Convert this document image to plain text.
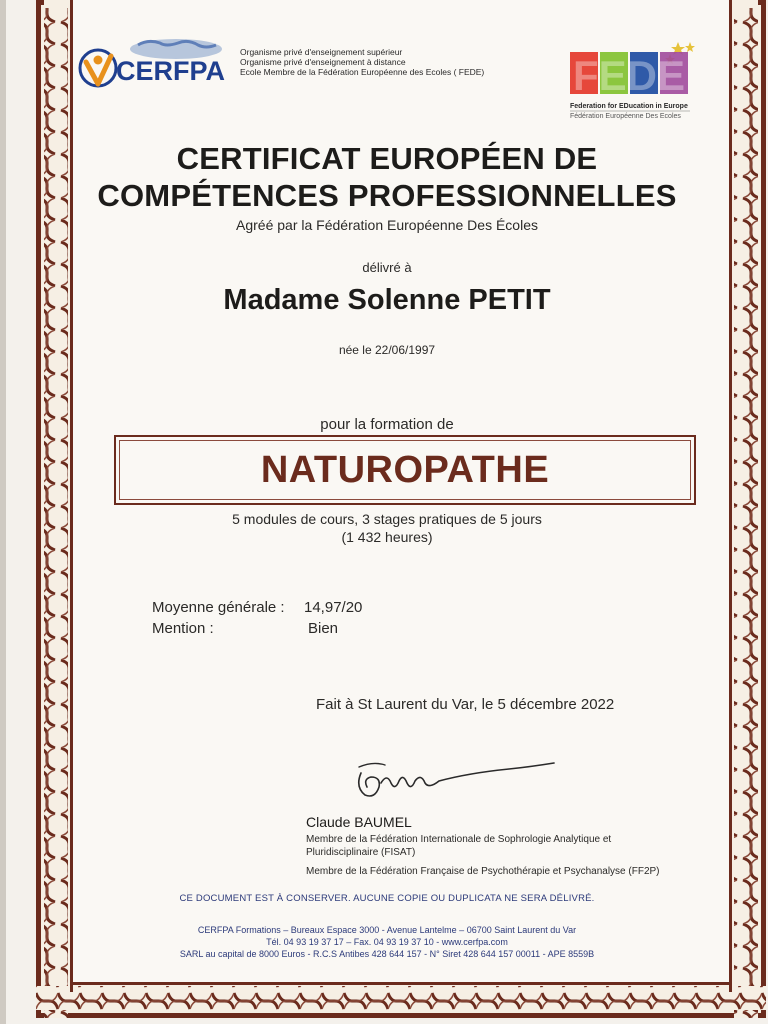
CERFPA
Organisme privé d'enseignement supérieur
Organisme privé d'enseignement à distance
Ecole Membre de la Fédération Européenne des Ecoles ( FEDE) FEDE
Federation for EDucation in Europe
Fédération Européenne Des Ecoles
CERTIFICAT EUROPÉEN DE
COMPÉTENCES PROFESSIONNELLES
Agréé par la Fédération Européenne Des Écoles
délivré à
Madame Solenne PETIT
née le 22/06/1997
pour la formation de
NATUROPATHE
5 modules de cours, 3 stages pratiques de 5 jours
(1 432 heures)
Moyenne générale : 14,97/20
Mention :	Bien
Fait à St Laurent du Var, le 5 décembre 2022
Claude BAUMEL
Membre de la Fédération Internationale de Sophrologie Analytique et
Pluridisciplinaire (FISAT)
Membre de la Fédération Française de Psychothérapie et Psychanalyse (FF2P)
CE DOCUMENT EST À CONSERVER. AUCUNE COPIE OU DUPLICATA NE SERA DÉLIVRÉ.
CERFPA Formations – Bureaux Espace 3000 - Avenue Lantelme – 06700 Saint Laurent du Var
Tél. 04 93 19 37 17 – Fax. 04 93 19 37 10 - www.cerfpa.com
SARL au capital de 8000 Euros - R.C.S Antibes 428 644 157 - N° Siret 428 644 157 00011 - APE 8559B
